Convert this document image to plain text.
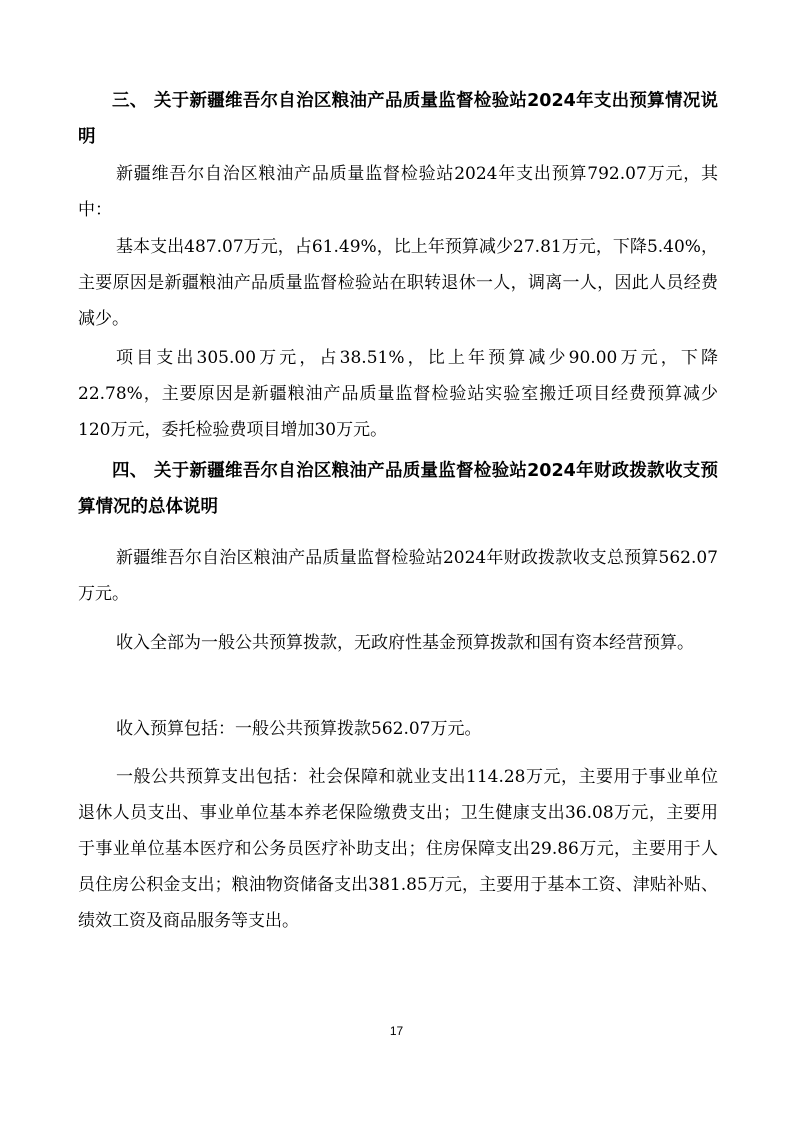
三、 关于新疆维吾尔自治区粮油产品质量监督检验站2024年支出预算情况说明

新疆维吾尔自治区粮油产品质量监督检验站2024年支出预算792.07万元，其中：

基本支出487.07万元，占61.49%，比上年预算减少27.81万元，下降5.40%，主要原因是新疆粮油产品质量监督检验站在职转退休一人，调离一人，因此人员经费减少。

项目支出305.00万元，占38.51%，比上年预算减少90.00万元，下降22.78%，主要原因是新疆粮油产品质量监督检验站实验室搬迁项目经费预算减少120万元，委托检验费项目增加30万元。

四、 关于新疆维吾尔自治区粮油产品质量监督检验站2024年财政拨款收支预算情况的总体说明

新疆维吾尔自治区粮油产品质量监督检验站2024年财政拨款收支总预算562.07万元。

收入全部为一般公共预算拨款，无政府性基金预算拨款和国有资本经营预算。

收入预算包括：一般公共预算拨款562.07万元。

一般公共预算支出包括：社会保障和就业支出114.28万元，主要用于事业单位退休人员支出、事业单位基本养老保险缴费支出；卫生健康支出36.08万元，主要用于事业单位基本医疗和公务员医疗补助支出；住房保障支出29.86万元，主要用于人员住房公积金支出；粮油物资储备支出381.85万元，主要用于基本工资、津贴补贴、绩效工资及商品服务等支出。

17
